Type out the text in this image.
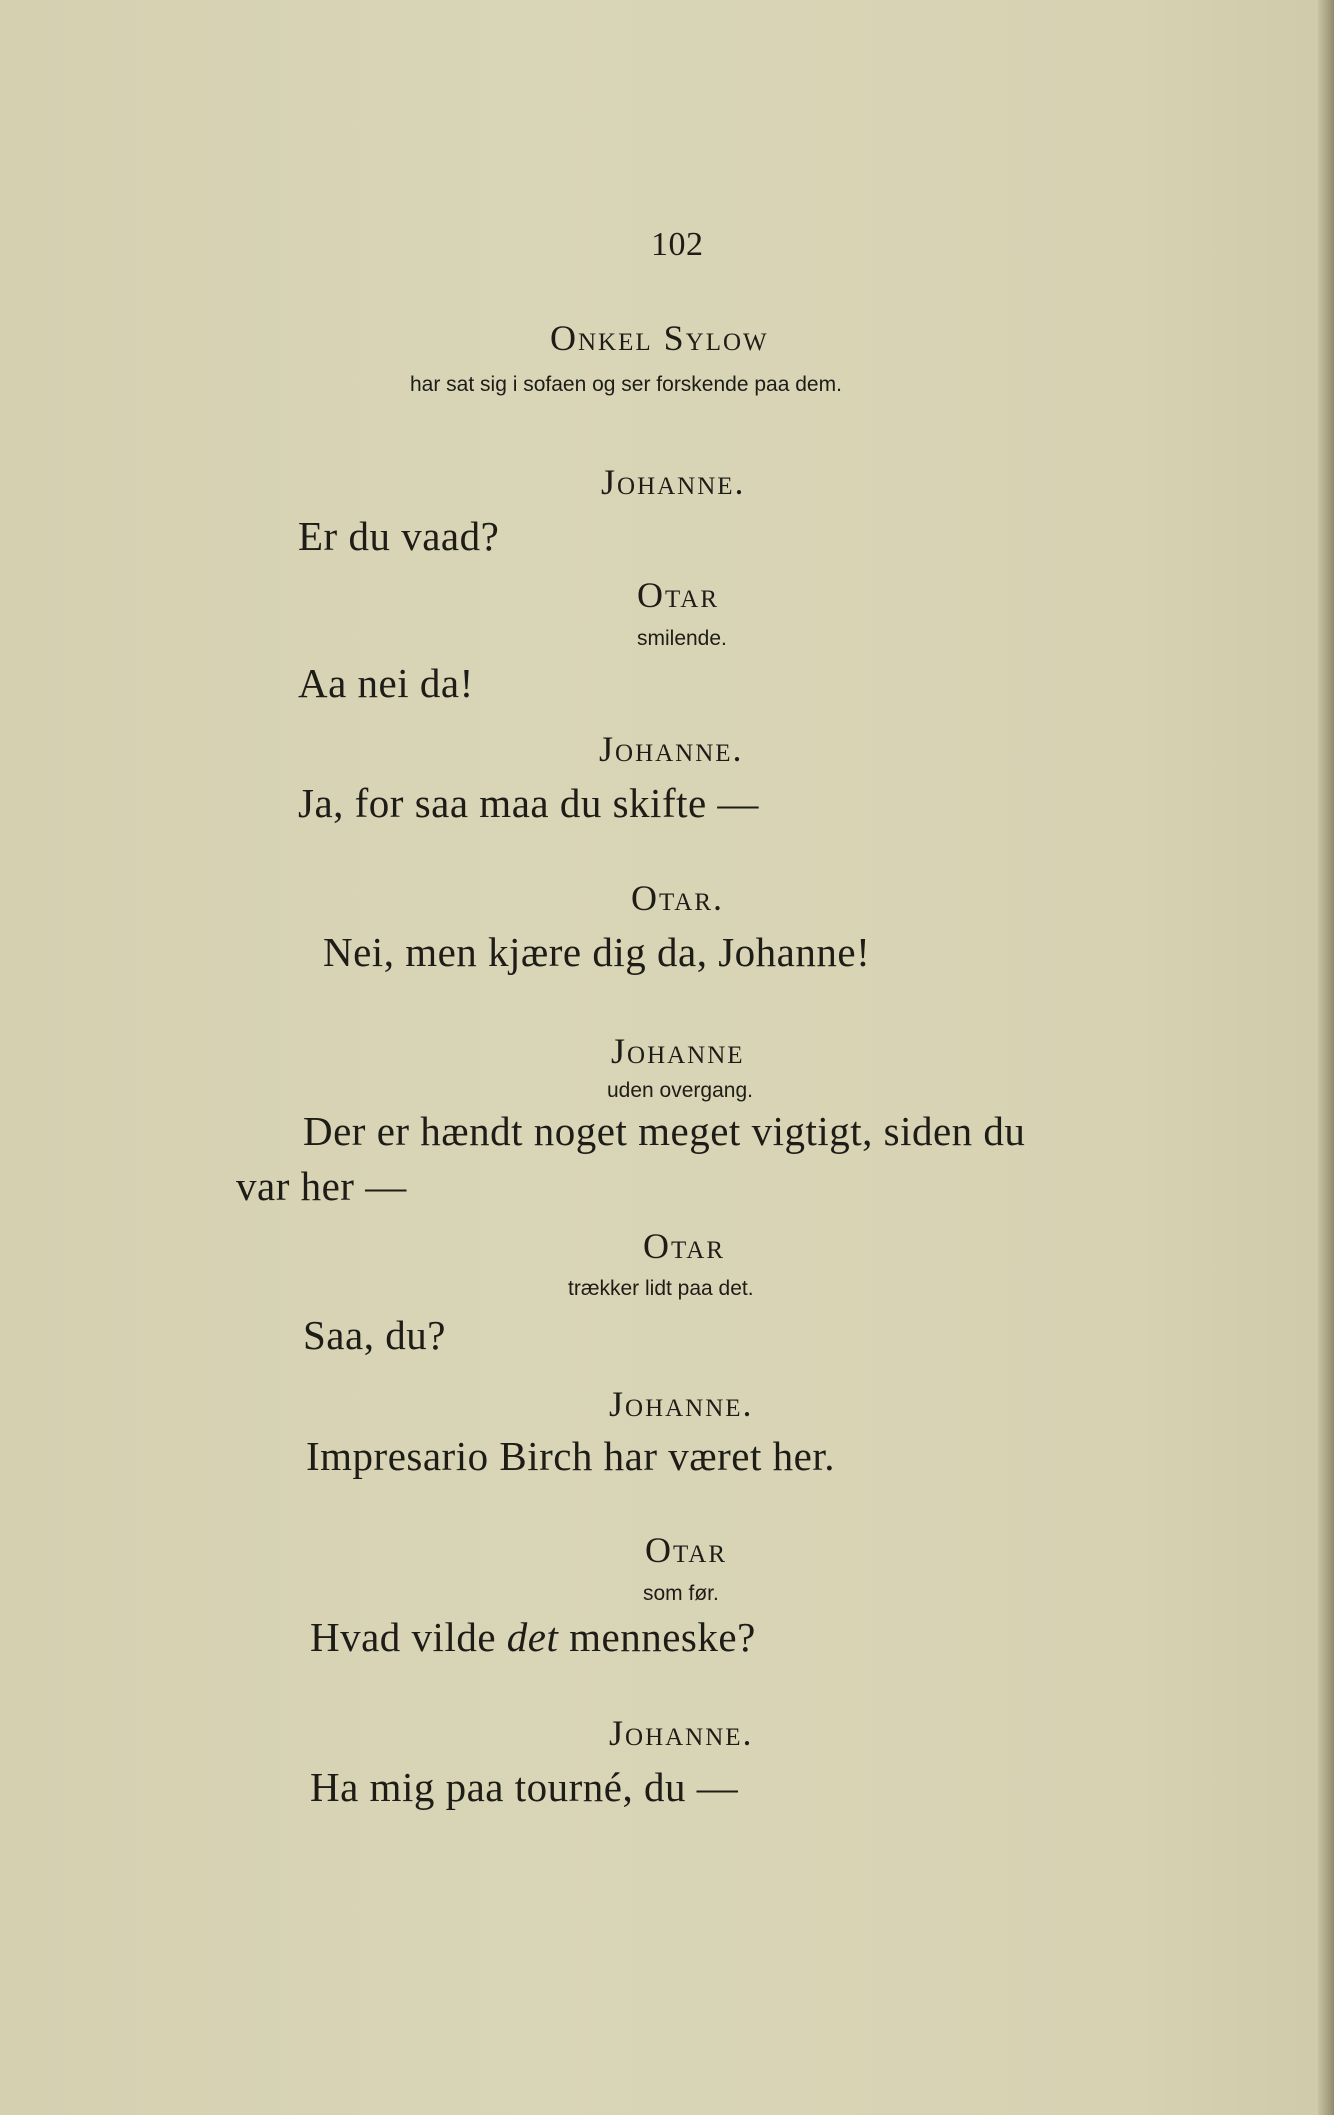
102
Onkel Sylow
har sat sig i sofaen og ser forskende paa dem.
Johanne.
Er du vaad?
Otar
smilende.
Aa nei da!
Johanne.
Ja, for saa maa du skifte —
Otar.
Nei, men kjære dig da, Johanne!
Johanne
uden overgang.
Der er hændt noget meget vigtigt, siden du
var her —
Otar
trækker lidt paa det.
Saa, du?
Johanne.
Impresario Birch har været her.
Otar
som før.
Hvad vilde det menneske?
Johanne.
Ha mig paa tourné, du —
